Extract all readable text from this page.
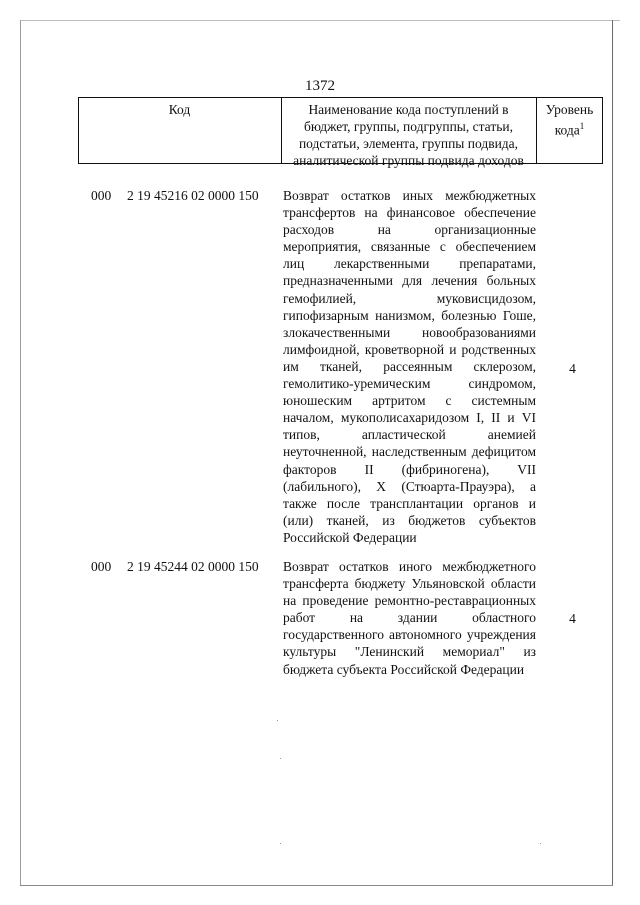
1372
Код	Наименование кода поступлений в
бюджет, группы, подгруппы, статьи,
подстатьи, элемента, группы подвида,
аналитической группы подвида доходов
Уровень
кода$^1$
000 2 19 45216 02 0000 150 Возврат остатков иных межбюджетных трансфертов на финансовое обеспечение расходов на организационные мероприятия, связанные с обеспечением лиц лекарственными препаратами, предназначенными для лечения больных гемофилией, муковисцидозом, гипофизарным нанизмом, болезнью Гоше, злокачественными новообразованиями лимфоидной, кроветворной и родственных им тканей, рассеянным склерозом, гемолитико-уремическим синдромом, юношеским артритом с системным началом, мукополисахаридозом I, II и VI типов, апластической анемией неуточненной, наследственным дефицитом факторов II (фибриногена), VII (лабильного), X (Стюарта-Прауэра), а также после трансплантации органов и (или) тканей, из бюджетов субъектов Российской Федерации
4
000 2 19 45244 02 0000 150 Возврат остатков иного межбюджетного трансферта бюджету Ульяновской области на проведение ремонтно-реставрационных работ на здании областного государственного автономного учреждения культуры "Ленинский мемориал" из бюджета субъекта Российской Федерации
4
